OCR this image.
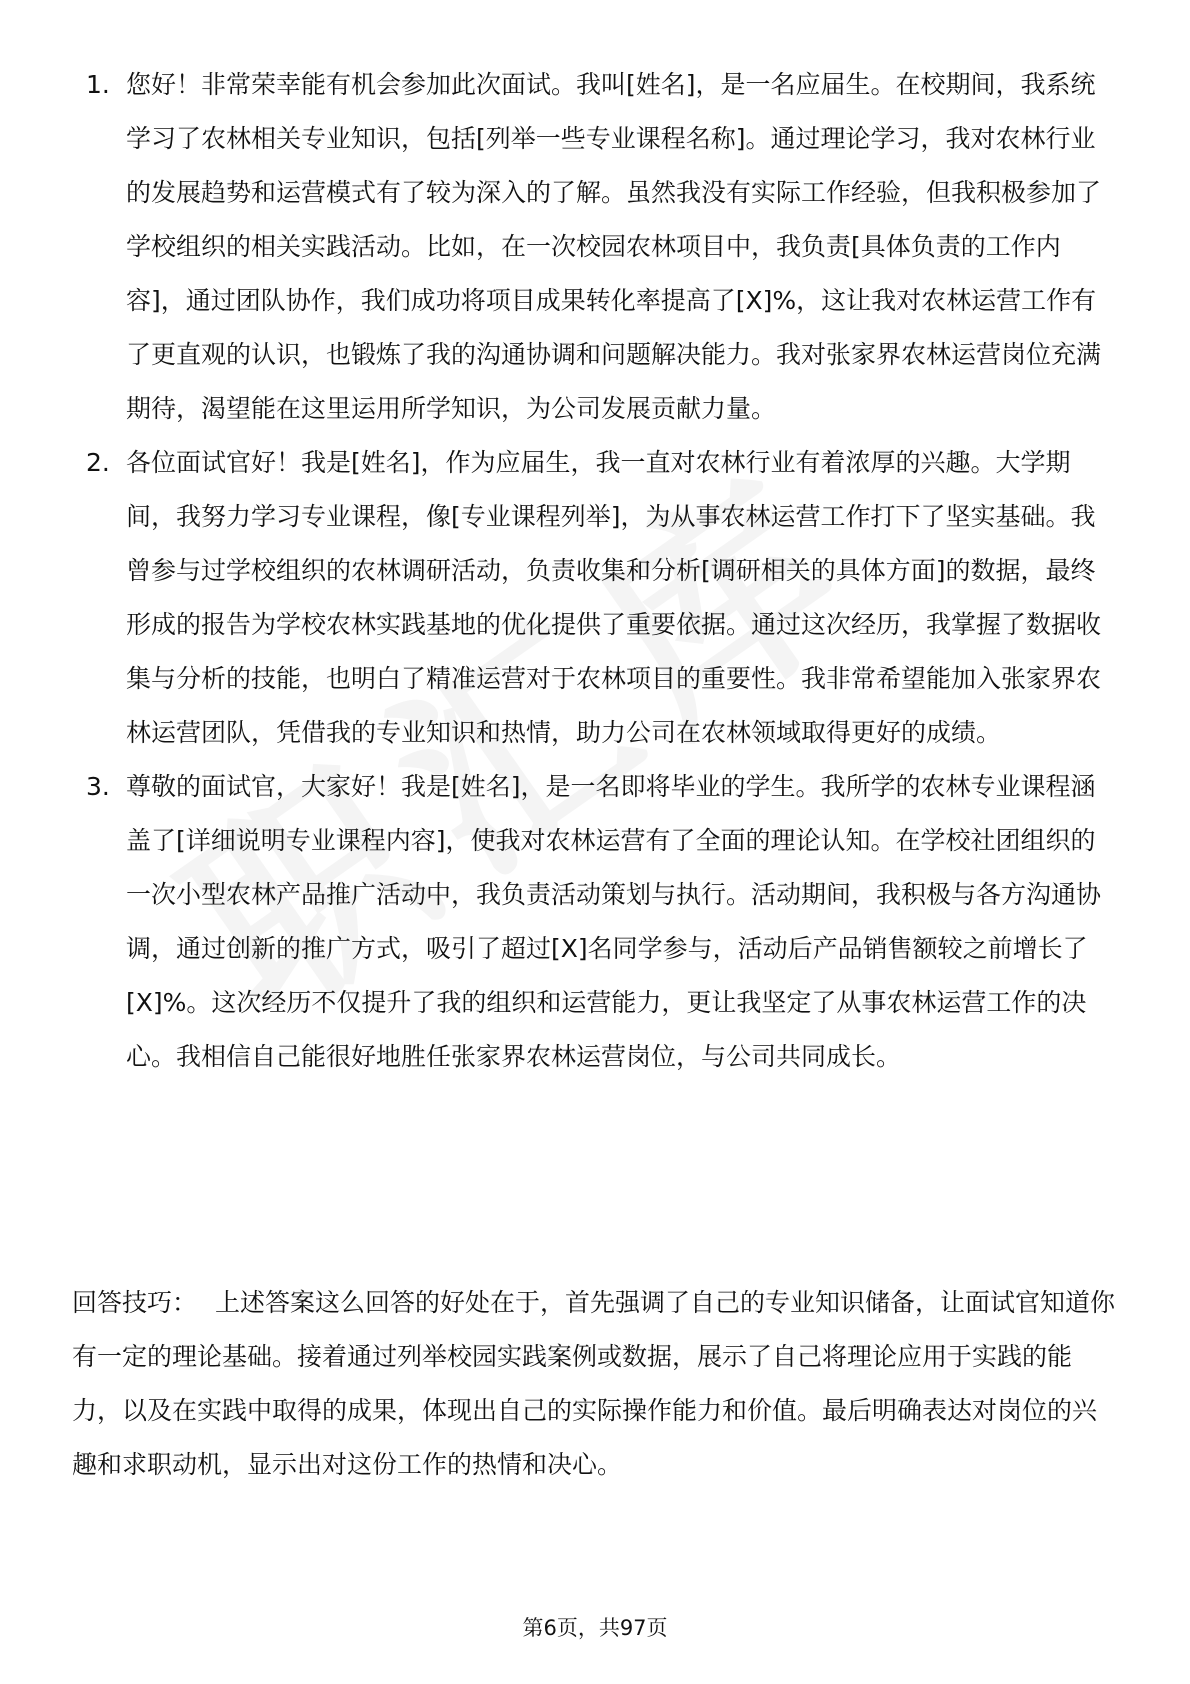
1. 您好！非常荣幸能有机会参加此次面试。我叫[姓名]，是一名应届生。在校期间，我系统学习了农林相关专业知识，包括[列举一些专业课程名称]。通过理论学习，我对农林行业的发展趋势和运营模式有了较为深入的了解。虽然我没有实际工作经验，但我积极参加了学校组织的相关实践活动。比如，在一次校园农林项目中，我负责[具体负责的工作内容]，通过团队协作，我们成功将项目成果转化率提高了[X]%，这让我对农林运营工作有了更直观的认识，也锻炼了我的沟通协调和问题解决能力。我对张家界农林运营岗位充满期待，渴望能在这里运用所学知识，为公司发展贡献力量。
2. 各位面试官好！我是[姓名]，作为应届生，我一直对农林行业有着浓厚的兴趣。大学期间，我努力学习专业课程，像[专业课程列举]，为从事农林运营工作打下了坚实基础。我曾参与过学校组织的农林调研活动，负责收集和分析[调研相关的具体方面]的数据，最终形成的报告为学校农林实践基地的优化提供了重要依据。通过这次经历，我掌握了数据收集与分析的技能，也明白了精准运营对于农林项目的重要性。我非常希望能加入张家界农林运营团队，凭借我的专业知识和热情，助力公司在农林领域取得更好的成绩。
3. 尊敬的面试官，大家好！我是[姓名]，是一名即将毕业的学生。我所学的农林专业课程涵盖了[详细说明专业课程内容]，使我对农林运营有了全面的理论认知。在学校社团组织的一次小型农林产品推广活动中，我负责活动策划与执行。活动期间，我积极与各方沟通协调，通过创新的推广方式，吸引了超过[X]名同学参与，活动后产品销售额较之前增长了[X]%。这次经历不仅提升了我的组织和运营能力，更让我坚定了从事农林运营工作的决心。我相信自己能很好地胜任张家界农林运营岗位，与公司共同成长。

回答技巧： 上述答案这么回答的好处在于，首先强调了自己的专业知识储备，让面试官知道你有一定的理论基础。接着通过列举校园实践案例或数据，展示了自己将理论应用于实践的能力，以及在实践中取得的成果，体现出自己的实际操作能力和价值。最后明确表达对岗位的兴趣和求职动机，显示出对这份工作的热情和决心。

第6页，共97页
